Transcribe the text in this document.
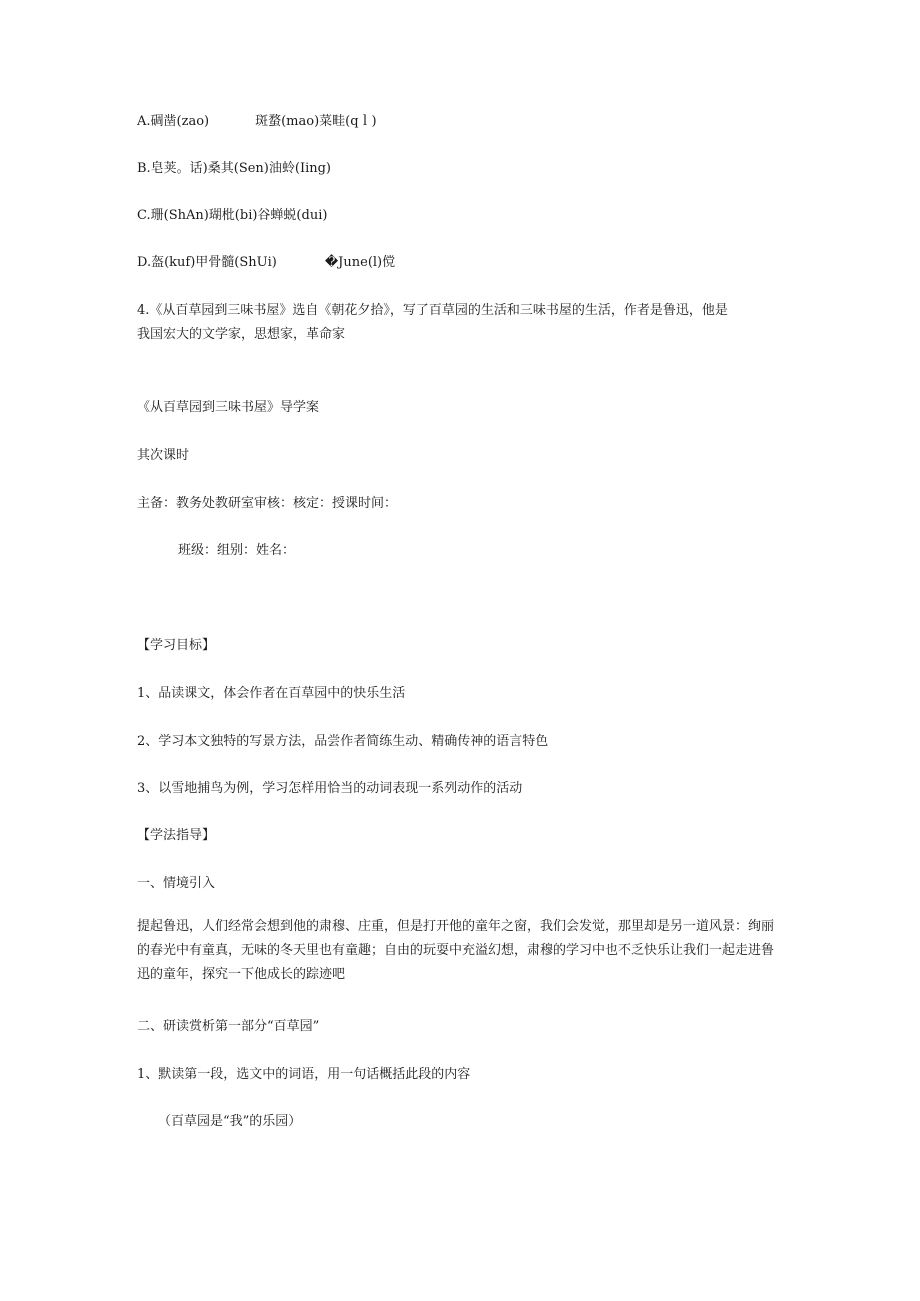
A.碉凿(zao)	斑蝥(mao)菜畦(qｌ)
B.皂荚。话)桑其(Sen)油蛉(Iing)
C.珊(ShAn)瑚枇(bi)谷蝉蜕(dui)
D.盔(kuf)甲骨髓(ShUi)	�June(l)傥
4.《从百草园到三味书屋》选自《朝花夕拾》，写了百草园的生活和三味书屋的生活，作者是鲁迅，他是
我国宏大的文学家，思想家，革命家
《从百草园到三味书屋》导学案
其次课时
主备：教务处教研室审核：核定：授课时间：
班级：组别：姓名：
【学习目标】
1、品读课文，体会作者在百草园中的快乐生活
2、学习本文独特的写景方法，品尝作者简练生动、精确传神的语言特色
3、以雪地捕鸟为例，学习怎样用恰当的动词表现一系列动作的活动
【学法指导】
一、情境引入
提起鲁迅，人们经常会想到他的肃穆、庄重，但是打开他的童年之窗，我们会发觉，那里却是另一道风景：绚丽的春光中有童真，无味的冬天里也有童趣；自由的玩耍中充溢幻想，肃穆的学习中也不乏快乐让我们一起走进鲁迅的童年，探究一下他成长的踪迹吧
二、研读赏析第一部分“百草园”
1、默读第一段，选文中的词语，用一句话概括此段的内容
（百草园是“我”的乐园）
